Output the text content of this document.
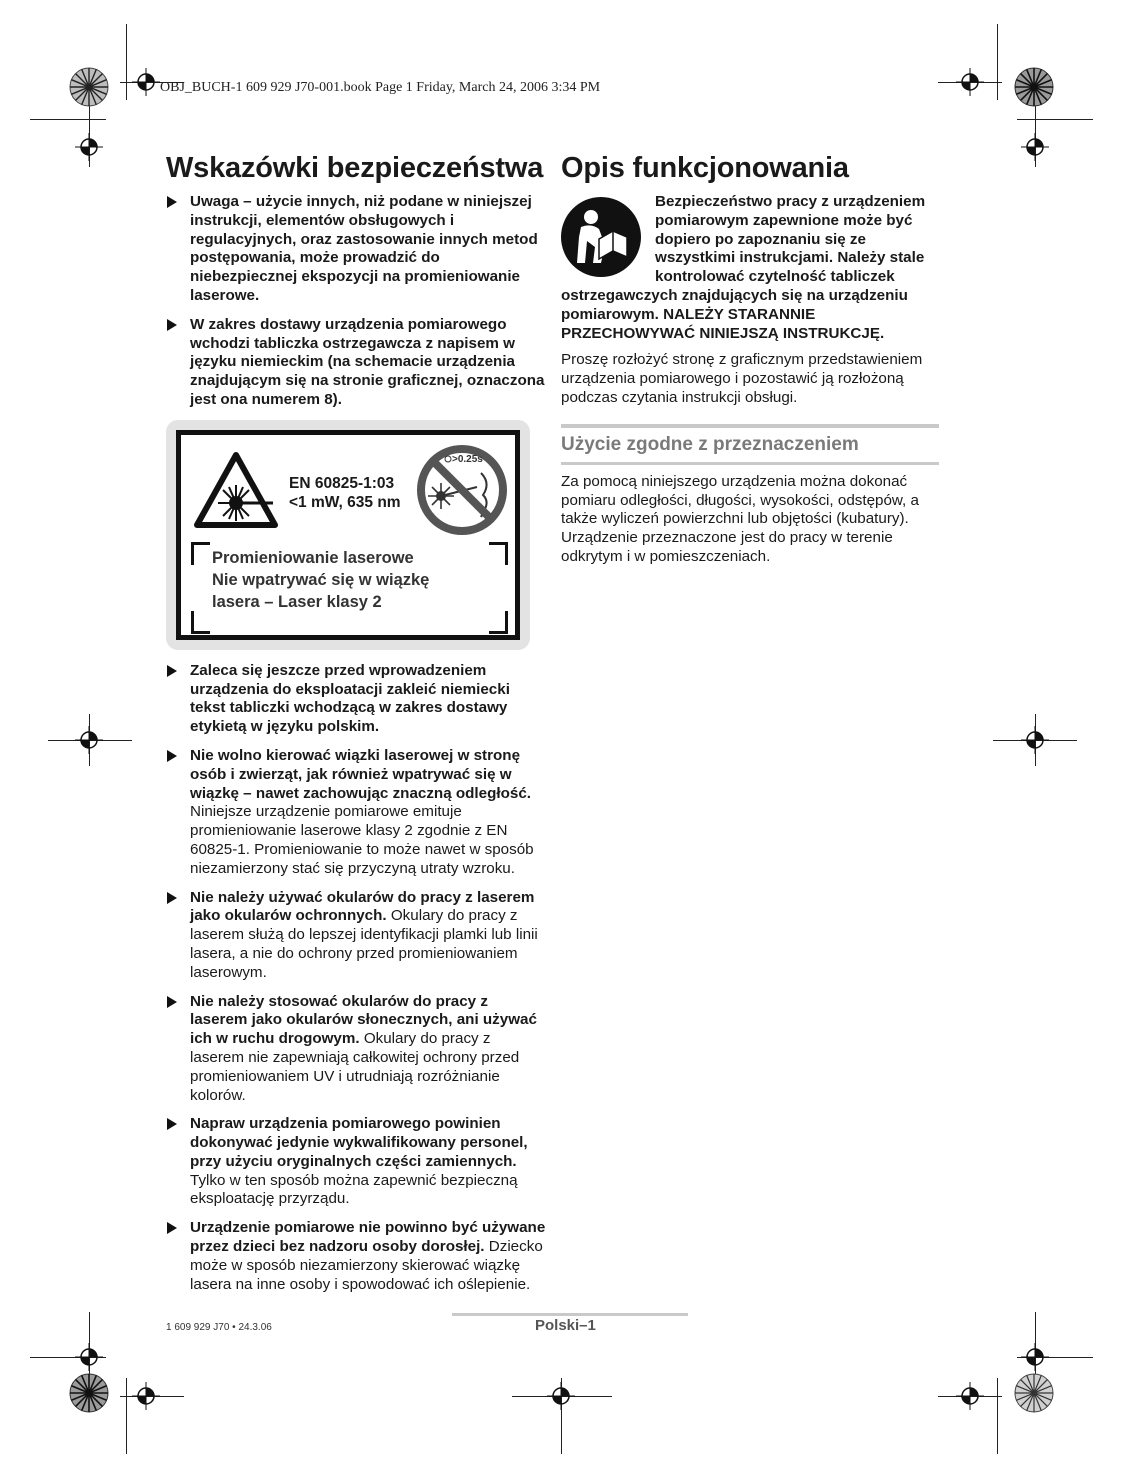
OBJ_BUCH-1 609 929 J70-001.book Page 1 Friday, March 24, 2006 3:34 PM
Wskazówki bezpieczeństwa Opis funkcjonowania
Uwaga – użycie innych, niż podane w niniejszej instrukcji, elementów obsługowych i regulacyjnych, oraz zastosowanie innych metod postępowania, może prowadzić do niebezpiecznej ekspozycji na promieniowanie laserowe.
W zakres dostawy urządzenia pomiarowego wchodzi tabliczka ostrzegawcza z napisem w języku niemieckim (na schemacie urządzenia znajdującym się na stronie graficznej, oznaczona jest ona numerem 8).
EN 60825-1:03
<1 mW, 635 nm
>0.25s
Promieniowanie laserowe
Nie wpatrywać się w wiązkę
lasera – Laser klasy 2
Zaleca się jeszcze przed wprowadzeniem urządzenia do eksploatacji zakleić niemiecki tekst tabliczki wchodzącą w zakres dostawy etykietą w języku polskim.
Nie wolno kierować wiązki laserowej w stronę osób i zwierząt, jak również wpatrywać się w wiązkę – nawet zachowując znaczną odległość. Niniejsze urządzenie pomiarowe emituje promieniowanie laserowe klasy 2 zgodnie z EN 60825-1. Promieniowanie to może nawet w sposób niezamierzony stać się przyczyną utraty wzroku.
Nie należy używać okularów do pracy z laserem jako okularów ochronnych. Okulary do pracy z laserem służą do lepszej identyfikacji plamki lub linii lasera, a nie do ochrony przed promieniowaniem laserowym.
Nie należy stosować okularów do pracy z laserem jako okularów słonecznych, ani używać ich w ruchu drogowym. Okulary do pracy z laserem nie zapewniają całkowitej ochrony przed promieniowaniem UV i utrudniają rozróżnianie kolorów.
Napraw urządzenia pomiarowego powinien dokonywać jedynie wykwalifikowany personel, przy użyciu oryginalnych części zamiennych. Tylko w ten sposób można zapewnić bezpieczną eksploatację przyrządu.
Urządzenie pomiarowe nie powinno być używane przez dzieci bez nadzoru osoby dorosłej. Dziecko może w sposób niezamierzony skierować wiązkę lasera na inne osoby i spowodować ich oślepienie.

Bezpieczeństwo pracy z urządzeniem pomiarowym zapewnione może być dopiero po zapoznaniu się ze wszystkimi instrukcjami. Należy stale kontrolować czytelność tabliczek ostrzegawczych znajdujących się na urządzeniu pomiarowym. NALEŻY STARANNIE PRZECHOWYWAĆ NINIEJSZĄ INSTRUKCJĘ.

Proszę rozłożyć stronę z graficznym przedstawieniem urządzenia pomiarowego i pozostawić ją rozłożoną podczas czytania instrukcji obsługi.

Użycie zgodne z przeznaczeniem

Za pomocą niniejszego urządzenia można dokonać pomiaru odległości, długości, wysokości, odstępów, a także wyliczeń powierzchni lub objętości (kubatury). Urządzenie przeznaczone jest do pracy w terenie odkrytym i w pomieszczeniach.

1 609 929 J70 • 24.3.06	Polski–1
